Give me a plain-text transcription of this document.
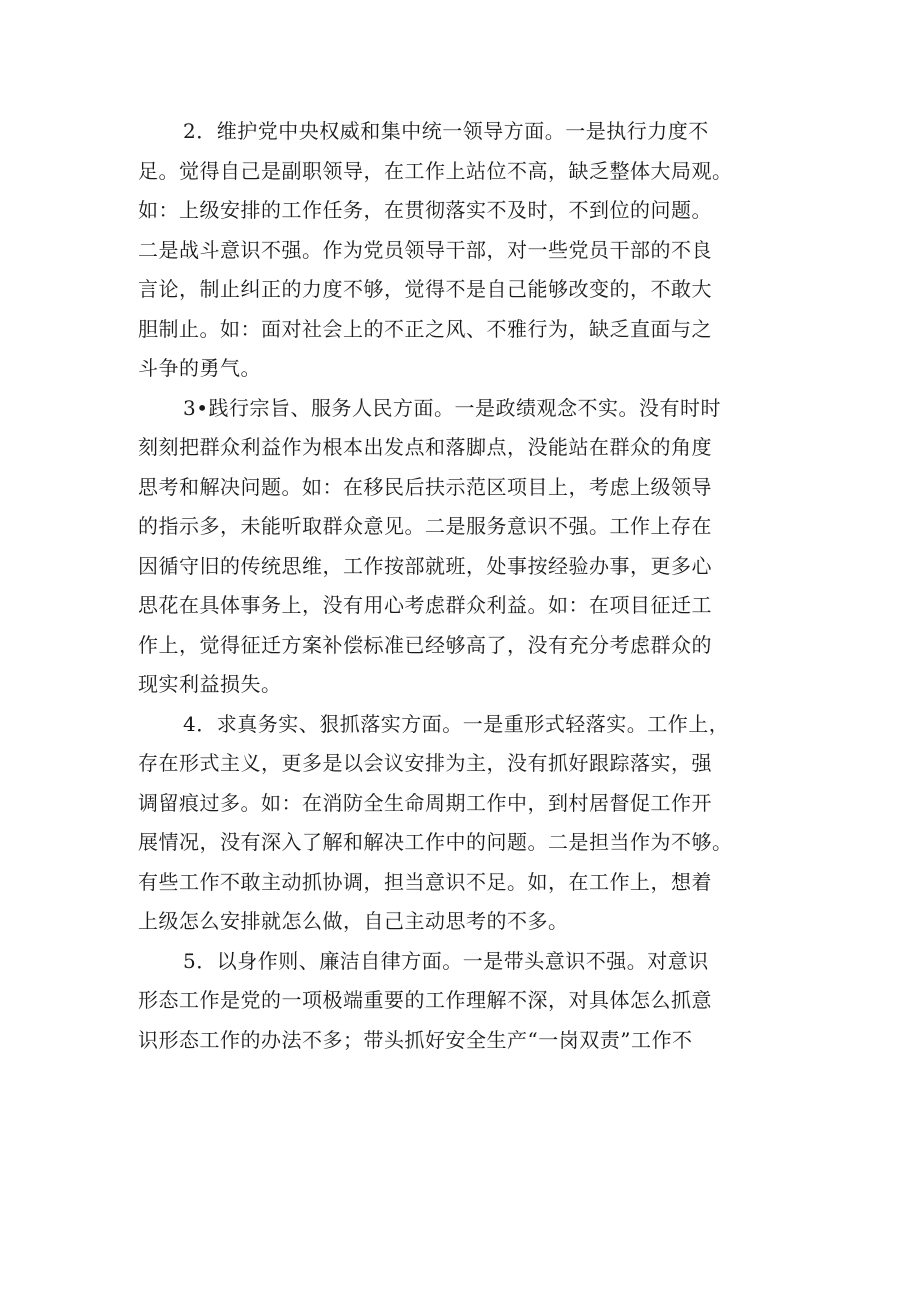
2．维护党中央权威和集中统一领导方面。一是执行力度不
足。觉得自己是副职领导，在工作上站位不高，缺乏整体大局观。
如：上级安排的工作任务，在贯彻落实不及时，不到位的问题。
二是战斗意识不强。作为党员领导干部，对一些党员干部的不良
言论，制止纠正的力度不够，觉得不是自己能够改变的，不敢大
胆制止。如：面对社会上的不正之风、不雅行为，缺乏直面与之
斗争的勇气。
3•践行宗旨、服务人民方面。一是政绩观念不实。没有时时
刻刻把群众利益作为根本出发点和落脚点，没能站在群众的角度
思考和解决问题。如：在移民后扶示范区项目上，考虑上级领导
的指示多，未能听取群众意见。二是服务意识不强。工作上存在
因循守旧的传统思维，工作按部就班，处事按经验办事，更多心
思花在具体事务上，没有用心考虑群众利益。如：在项目征迁工
作上，觉得征迁方案补偿标准已经够高了，没有充分考虑群众的
现实利益损失。
4．求真务实、狠抓落实方面。一是重形式轻落实。工作上，
存在形式主义，更多是以会议安排为主，没有抓好跟踪落实，强
调留痕过多。如：在消防全生命周期工作中，到村居督促工作开
展情况，没有深入了解和解决工作中的问题。二是担当作为不够。
有些工作不敢主动抓协调，担当意识不足。如，在工作上，想着
上级怎么安排就怎么做，自己主动思考的不多。
5．以身作则、廉洁自律方面。一是带头意识不强。对意识
形态工作是党的一项极端重要的工作理解不深，对具体怎么抓意
识形态工作的办法不多；带头抓好安全生产“一岗双责”工作不
